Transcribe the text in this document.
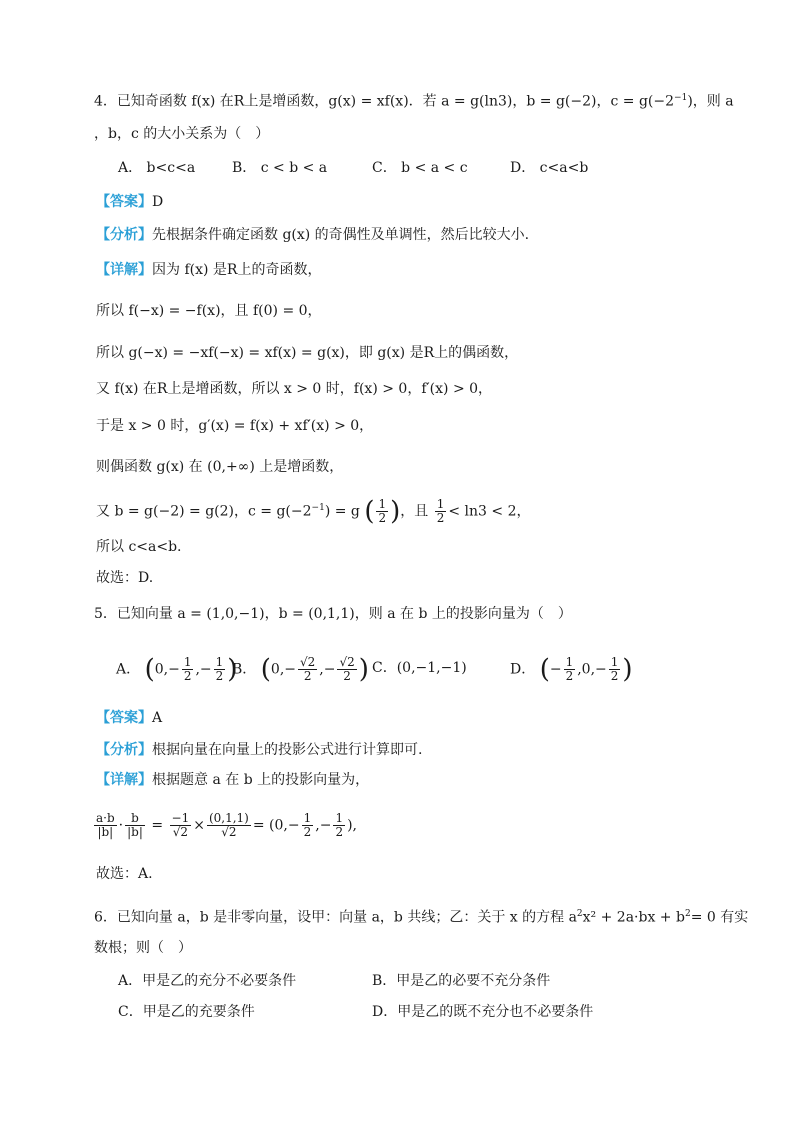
4．已知奇函数 f(x) 在R上是增函数，g(x) = xf(x)．若 a = g(ln3)，b = g(−2)，$c = g(-2^{-1})$，则 a
，b，c 的大小关系为（　）
A． b<c<a	B． c < b < a	C． b < a < c	D． c<a<b
【答案】D
【分析】先根据条件确定函数 g(x) 的奇偶性及单调性，然后比较大小.
【详解】因为 f(x) 是R上的奇函数，
所以 f(−x) = −f(x)，且 f(0) = 0，
所以 g(−x) = −xf(−x) = xf(x) = g(x)，即 g(x) 是R上的偶函数，
又 f(x) 在R上是增函数，所以 x > 0 时，f(x) > 0，f′(x) > 0，
于是 x > 0 时，g′(x) = f(x) + xf′(x) > 0，
则偶函数 g(x) 在 (0,+∞) 上是增函数，
又 b = g(−2) = g(2)，$c = g(-2^{-1}) = g$ ( $\frac{1}{2}$ )，且 $\frac{1}{2} < \ln 3 < 2$，
所以 c<a<b.
故选：D.
5．已知向量 a = (1,0,−1)，b = (0,1,1)，则 a 在 b 上的投影向量为（　）
A． ($0,- \frac{1}{2}$ ,− $\frac{1}{2}$ )
B． ($0,- \frac{√2}{2}$ ,− $\frac{√2}{2}$ ) C．(0,−1,−1)	D． (− $\frac{1}{2} ,0,- \frac{1}{2}$ )
【答案】A
【分析】根据向量在向量上的投影公式进行计算即可.
【详解】根据题意 a 在 b 上的投影向量为，
$\frac{a\cdot b}{|b|} \cdot \frac{b}{|b|} = \frac{-1}{√2} \times \frac{(0,1,1)}{√2} = (0,- \frac{1}{2}$ ,− $\frac{1}{2}$ ),
故选：A.
6．已知向量 a，b 是非零向量，设甲：向量 a，b 共线；乙：关于 x 的方程 $a^2x^2 + 2a\cdot bx + b^2= 0$ 有实
数根；则（　）
A．甲是乙的充分不必要条件	B．甲是乙的必要不充分条件
C．甲是乙的充要条件	D．甲是乙的既不充分也不必要条件
